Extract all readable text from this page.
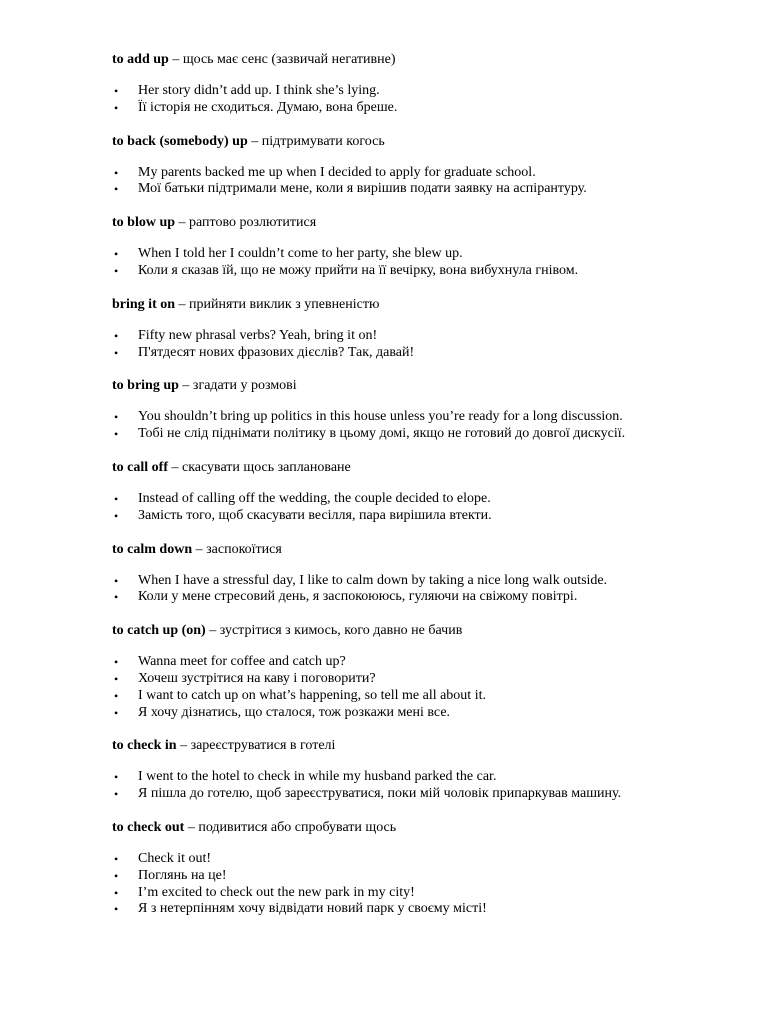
to add up – щось має сенс (зазвичай негативне)
• Her story didn’t add up. I think she’s lying.
• Її історія не сходиться. Думаю, вона бреше.
to back (somebody) up – підтримувати когось
• My parents backed me up when I decided to apply for graduate school.
• Мої батьки підтримали мене, коли я вирішив подати заявку на аспірантуру.
to blow up – раптово розлютитися
• When I told her I couldn’t come to her party, she blew up.
• Коли я сказав їй, що не можу прийти на її вечірку, вона вибухнула гнівом.
bring it on – прийняти виклик з упевненістю
• Fifty new phrasal verbs? Yeah, bring it on!
• П'ятдесят нових фразових дієслів? Так, давай!
to bring up – згадати у розмові
• You shouldn’t bring up politics in this house unless you’re ready for a long discussion.
• Тобі не слід піднімати політику в цьому домі, якщо не готовий до довгої дискусії.
to call off – скасувати щось заплановане
• Instead of calling off the wedding, the couple decided to elope.
• Замість того, щоб скасувати весілля, пара вирішила втекти.
to calm down – заспокоїтися
• When I have a stressful day, I like to calm down by taking a nice long walk outside.
• Коли у мене стресовий день, я заспокоююсь, гуляючи на свіжому повітрі.
to catch up (on) – зустрітися з кимось, кого давно не бачив
• Wanna meet for coffee and catch up?
• Хочеш зустрітися на каву і поговорити?
• I want to catch up on what’s happening, so tell me all about it.
• Я хочу дізнатись, що сталося, тож розкажи мені все.
to check in – зареєструватися в готелі
• I went to the hotel to check in while my husband parked the car.
• Я пішла до готелю, щоб зареєструватися, поки мій чоловік припаркував машину.
to check out – подивитися або спробувати щось
• Check it out!
• Поглянь на це!
• I’m excited to check out the new park in my city!
• Я з нетерпінням хочу відвідати новий парк у своєму місті!
